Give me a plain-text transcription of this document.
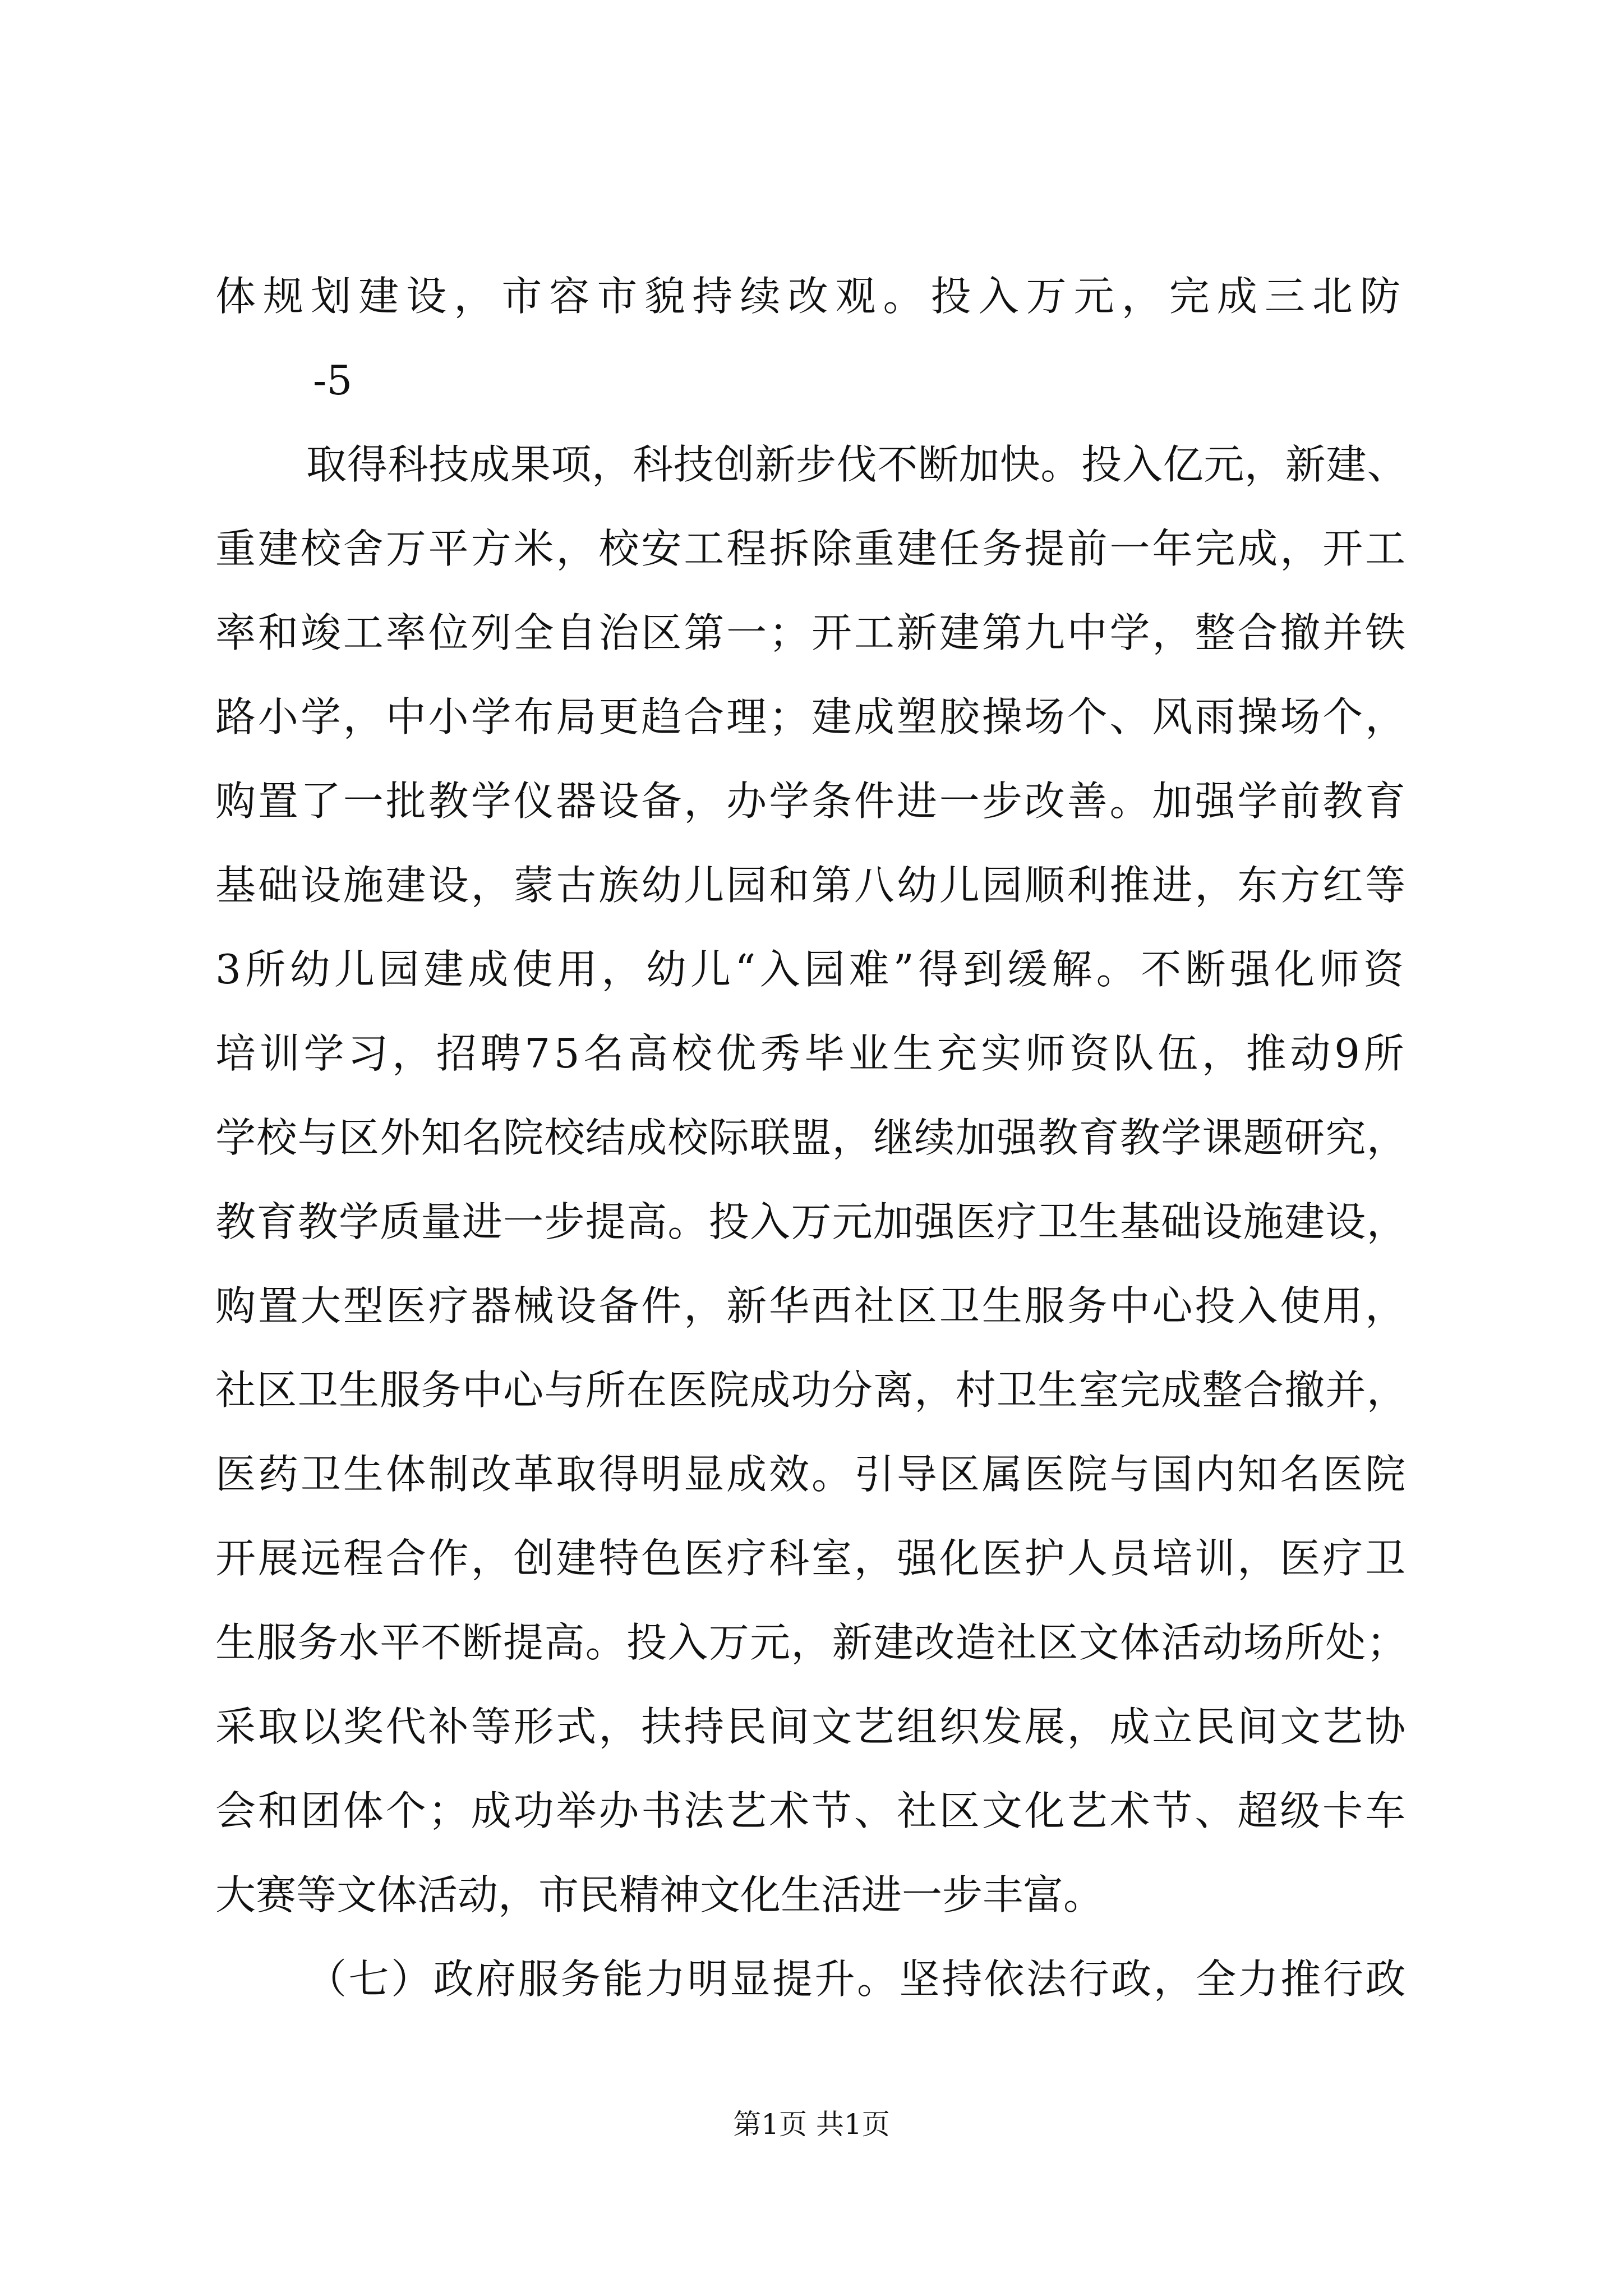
体规划建设，市容市貌持续改观。投入万元，完成三北防
-5
取得科技成果项，科技创新步伐不断加快。投入亿元，新建、
重建校舍万平方米，校安工程拆除重建任务提前一年完成，开工
率和竣工率位列全自治区第一；开工新建第九中学，整合撤并铁
路小学，中小学布局更趋合理；建成塑胶操场个、风雨操场个，
购置了一批教学仪器设备，办学条件进一步改善。加强学前教育
基础设施建设，蒙古族幼儿园和第八幼儿园顺利推进，东方红等
3所幼儿园建成使用，幼儿“入园难”得到缓解。不断强化师资
培训学习，招聘75名高校优秀毕业生充实师资队伍，推动9所
学校与区外知名院校结成校际联盟，继续加强教育教学课题研究，
教育教学质量进一步提高。投入万元加强医疗卫生基础设施建设，
购置大型医疗器械设备件，新华西社区卫生服务中心投入使用，
社区卫生服务中心与所在医院成功分离，村卫生室完成整合撤并，
医药卫生体制改革取得明显成效。引导区属医院与国内知名医院
开展远程合作，创建特色医疗科室，强化医护人员培训，医疗卫
生服务水平不断提高。投入万元，新建改造社区文体活动场所处；
采取以奖代补等形式，扶持民间文艺组织发展，成立民间文艺协
会和团体个；成功举办书法艺术节、社区文化艺术节、超级卡车
大赛等文体活动，市民精神文化生活进一步丰富。
（七）政府服务能力明显提升。坚持依法行政，全力推行政
第1页 共1页
